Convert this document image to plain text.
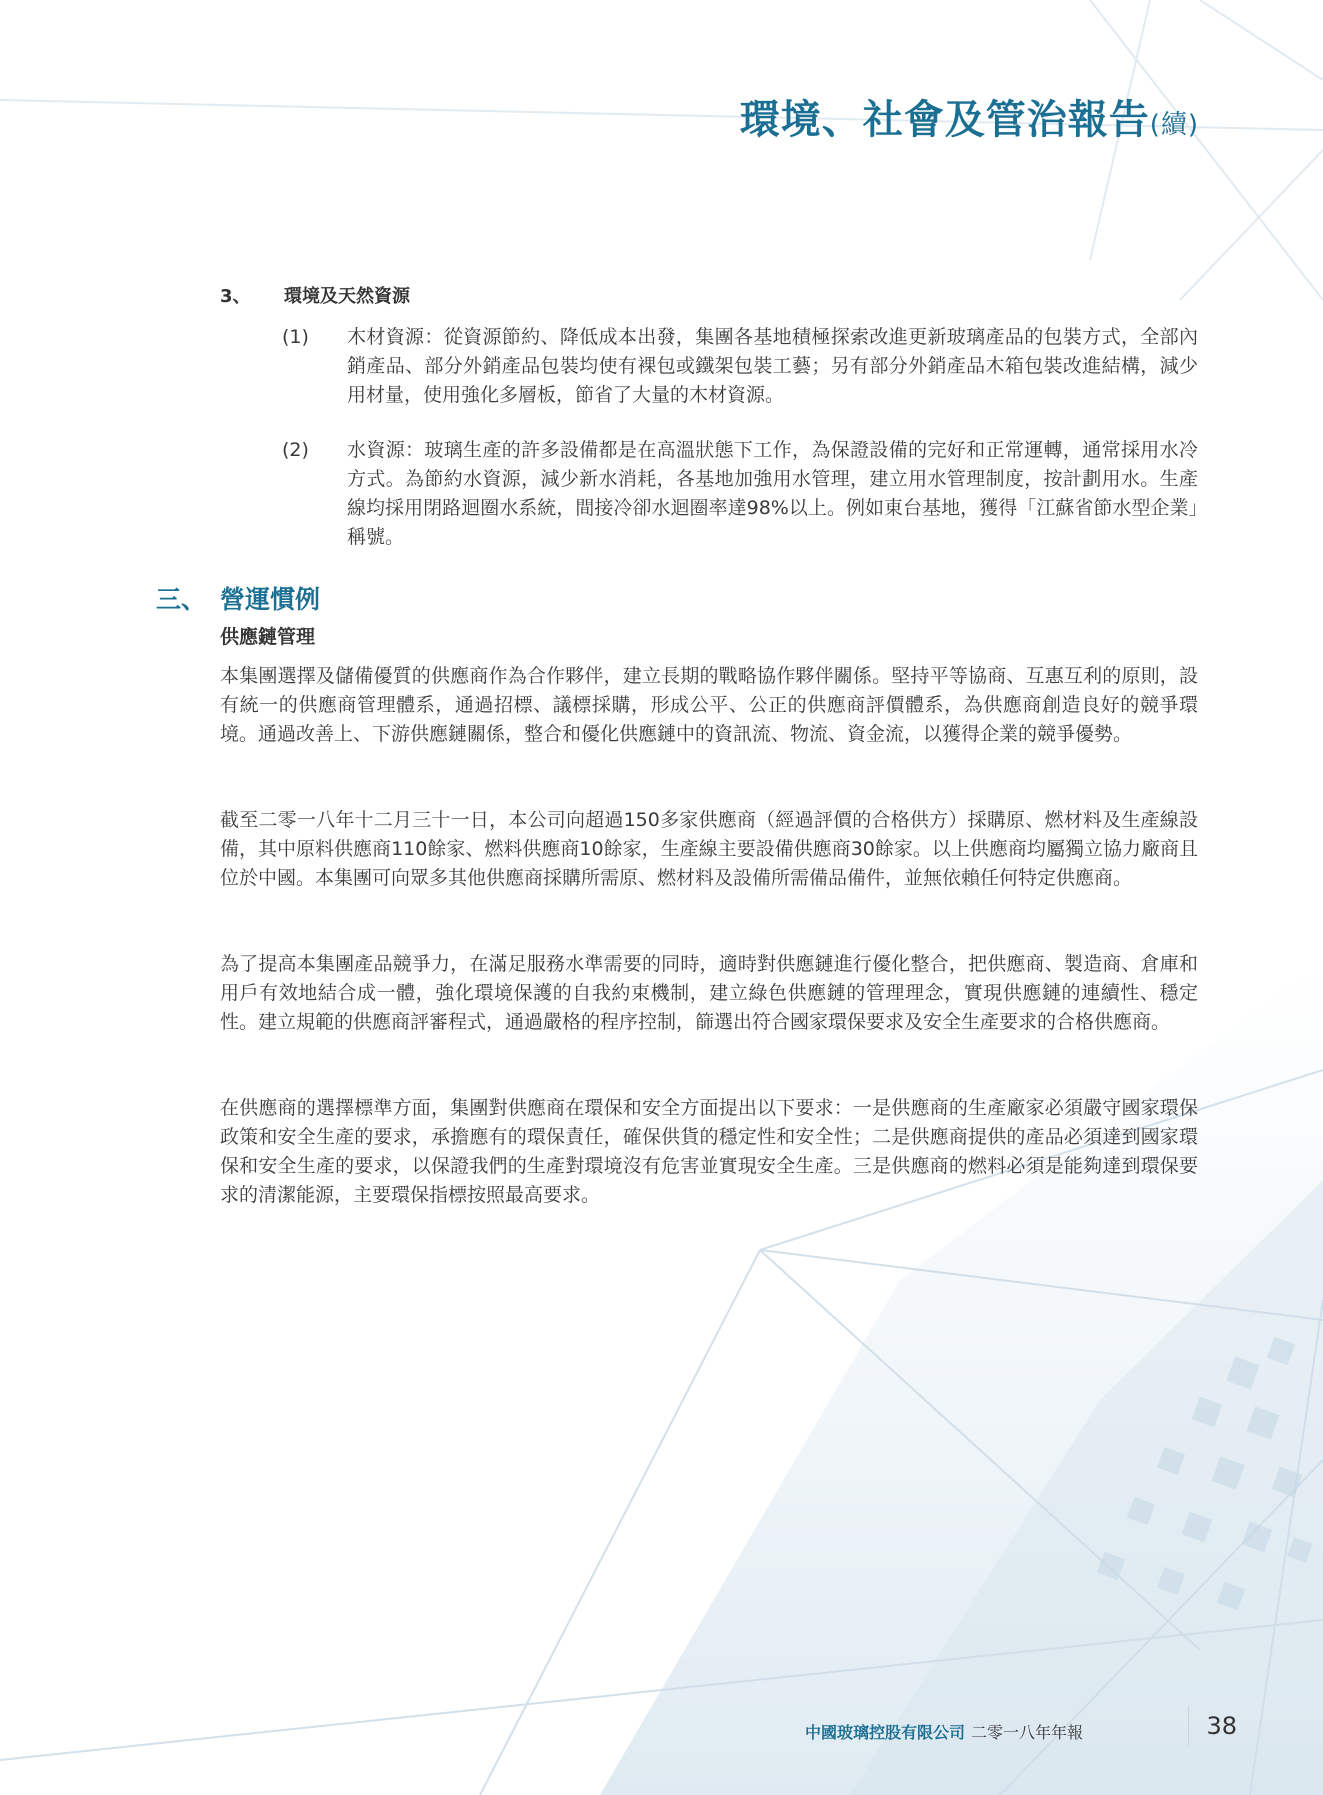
環境、社會及管治報告(續)
3、 環境及天然資源
(1)	木材資源：從資源節約、降低成本出發，集團各基地積極探索改進更新玻璃產品的包裝方式，全部內銷產品、部分外銷產品包裝均使有裸包或鐵架包裝工藝；另有部分外銷產品木箱包裝改進結構，減少用材量，使用強化多層板，節省了大量的木材資源。
(2)	水資源：玻璃生產的許多設備都是在高溫狀態下工作，為保證設備的完好和正常運轉，通常採用水冷方式。為節約水資源，減少新水消耗，各基地加強用水管理，建立用水管理制度，按計劃用水。生產線均採用閉路迴圈水系統，間接冷卻水迴圈率達98%以上。例如東台基地，獲得「江蘇省節水型企業」稱號。
三、 營運慣例
供應鏈管理
本集團選擇及儲備優質的供應商作為合作夥伴，建立長期的戰略協作夥伴關係。堅持平等協商、互惠互利的原則，設有統一的供應商管理體系，通過招標、議標採購，形成公平、公正的供應商評價體系，為供應商創造良好的競爭環境。通過改善上、下游供應鏈關係，整合和優化供應鏈中的資訊流、物流、資金流，以獲得企業的競爭優勢。
截至二零一八年十二月三十一日，本公司向超過150多家供應商（經過評價的合格供方）採購原、燃材料及生產線設備，其中原料供應商110餘家、燃料供應商10餘家，生產線主要設備供應商30餘家。以上供應商均屬獨立協力廠商且位於中國。本集團可向眾多其他供應商採購所需原、燃材料及設備所需備品備件，並無依賴任何特定供應商。
為了提高本集團產品競爭力，在滿足服務水準需要的同時，適時對供應鏈進行優化整合，把供應商、製造商、倉庫和用戶有效地結合成一體，強化環境保護的自我約束機制，建立綠色供應鏈的管理理念，實現供應鏈的連續性、穩定性。建立規範的供應商評審程式，通過嚴格的程序控制，篩選出符合國家環保要求及安全生產要求的合格供應商。
在供應商的選擇標準方面，集團對供應商在環保和安全方面提出以下要求：一是供應商的生產廠家必須嚴守國家環保政策和安全生產的要求，承擔應有的環保責任，確保供貨的穩定性和安全性；二是供應商提供的產品必須達到國家環保和安全生產的要求，以保證我們的生產對環境沒有危害並實現安全生產。三是供應商的燃料必須是能夠達到環保要求的清潔能源，主要環保指標按照最高要求。
中國玻璃控股有限公司 二零一八年年報	38
